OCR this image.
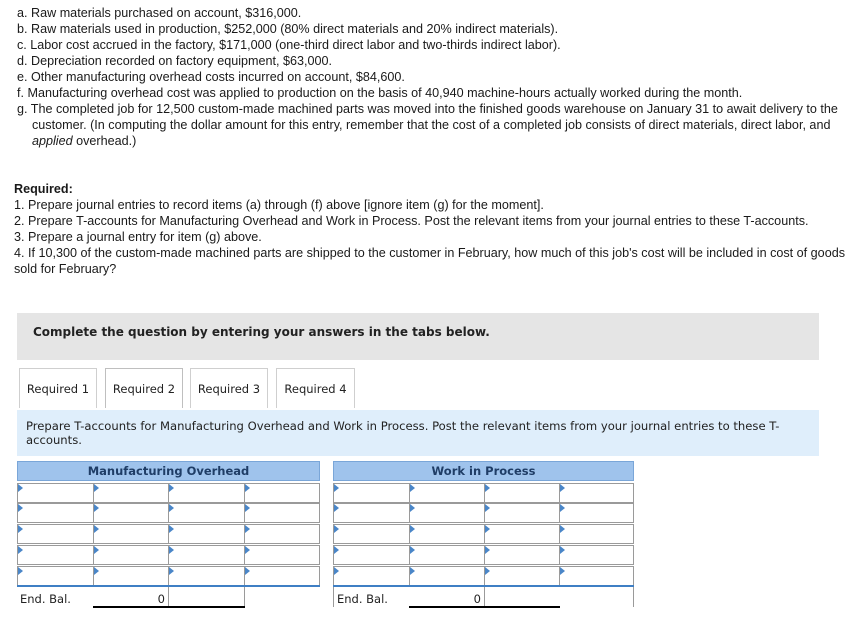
a. Raw materials purchased on account, $316,000.
b. Raw materials used in production, $252,000 (80% direct materials and 20% indirect materials).
c. Labor cost accrued in the factory, $171,000 (one-third direct labor and two-thirds indirect labor).
d. Depreciation recorded on factory equipment, $63,000.
e. Other manufacturing overhead costs incurred on account, $84,600.
f. Manufacturing overhead cost was applied to production on the basis of 40,940 machine-hours actually worked during the month.
g. The completed job for 12,500 custom-made machined parts was moved into the finished goods warehouse on January 31 to await delivery to the customer. (In computing the dollar amount for this entry, remember that the cost of a completed job consists of direct materials, direct labor, and applied overhead.)
Required:
1. Prepare journal entries to record items (a) through (f) above [ignore item (g) for the moment].
2. Prepare T-accounts for Manufacturing Overhead and Work in Process. Post the relevant items from your journal entries to these T-accounts.
3. Prepare a journal entry for item (g) above.
4. If 10,300 of the custom-made machined parts are shipped to the customer in February, how much of this job's cost will be included in cost of goods sold for February?
Complete the question by entering your answers in the tabs below.
Required 1	Required 2	Required 3	Required 4
Prepare T-accounts for Manufacturing Overhead and Work in Process. Post the relevant items from your journal entries to these T-accounts.
Manufacturing Overhead
End. Bal.	0
Work in Process
End. Bal.	0
